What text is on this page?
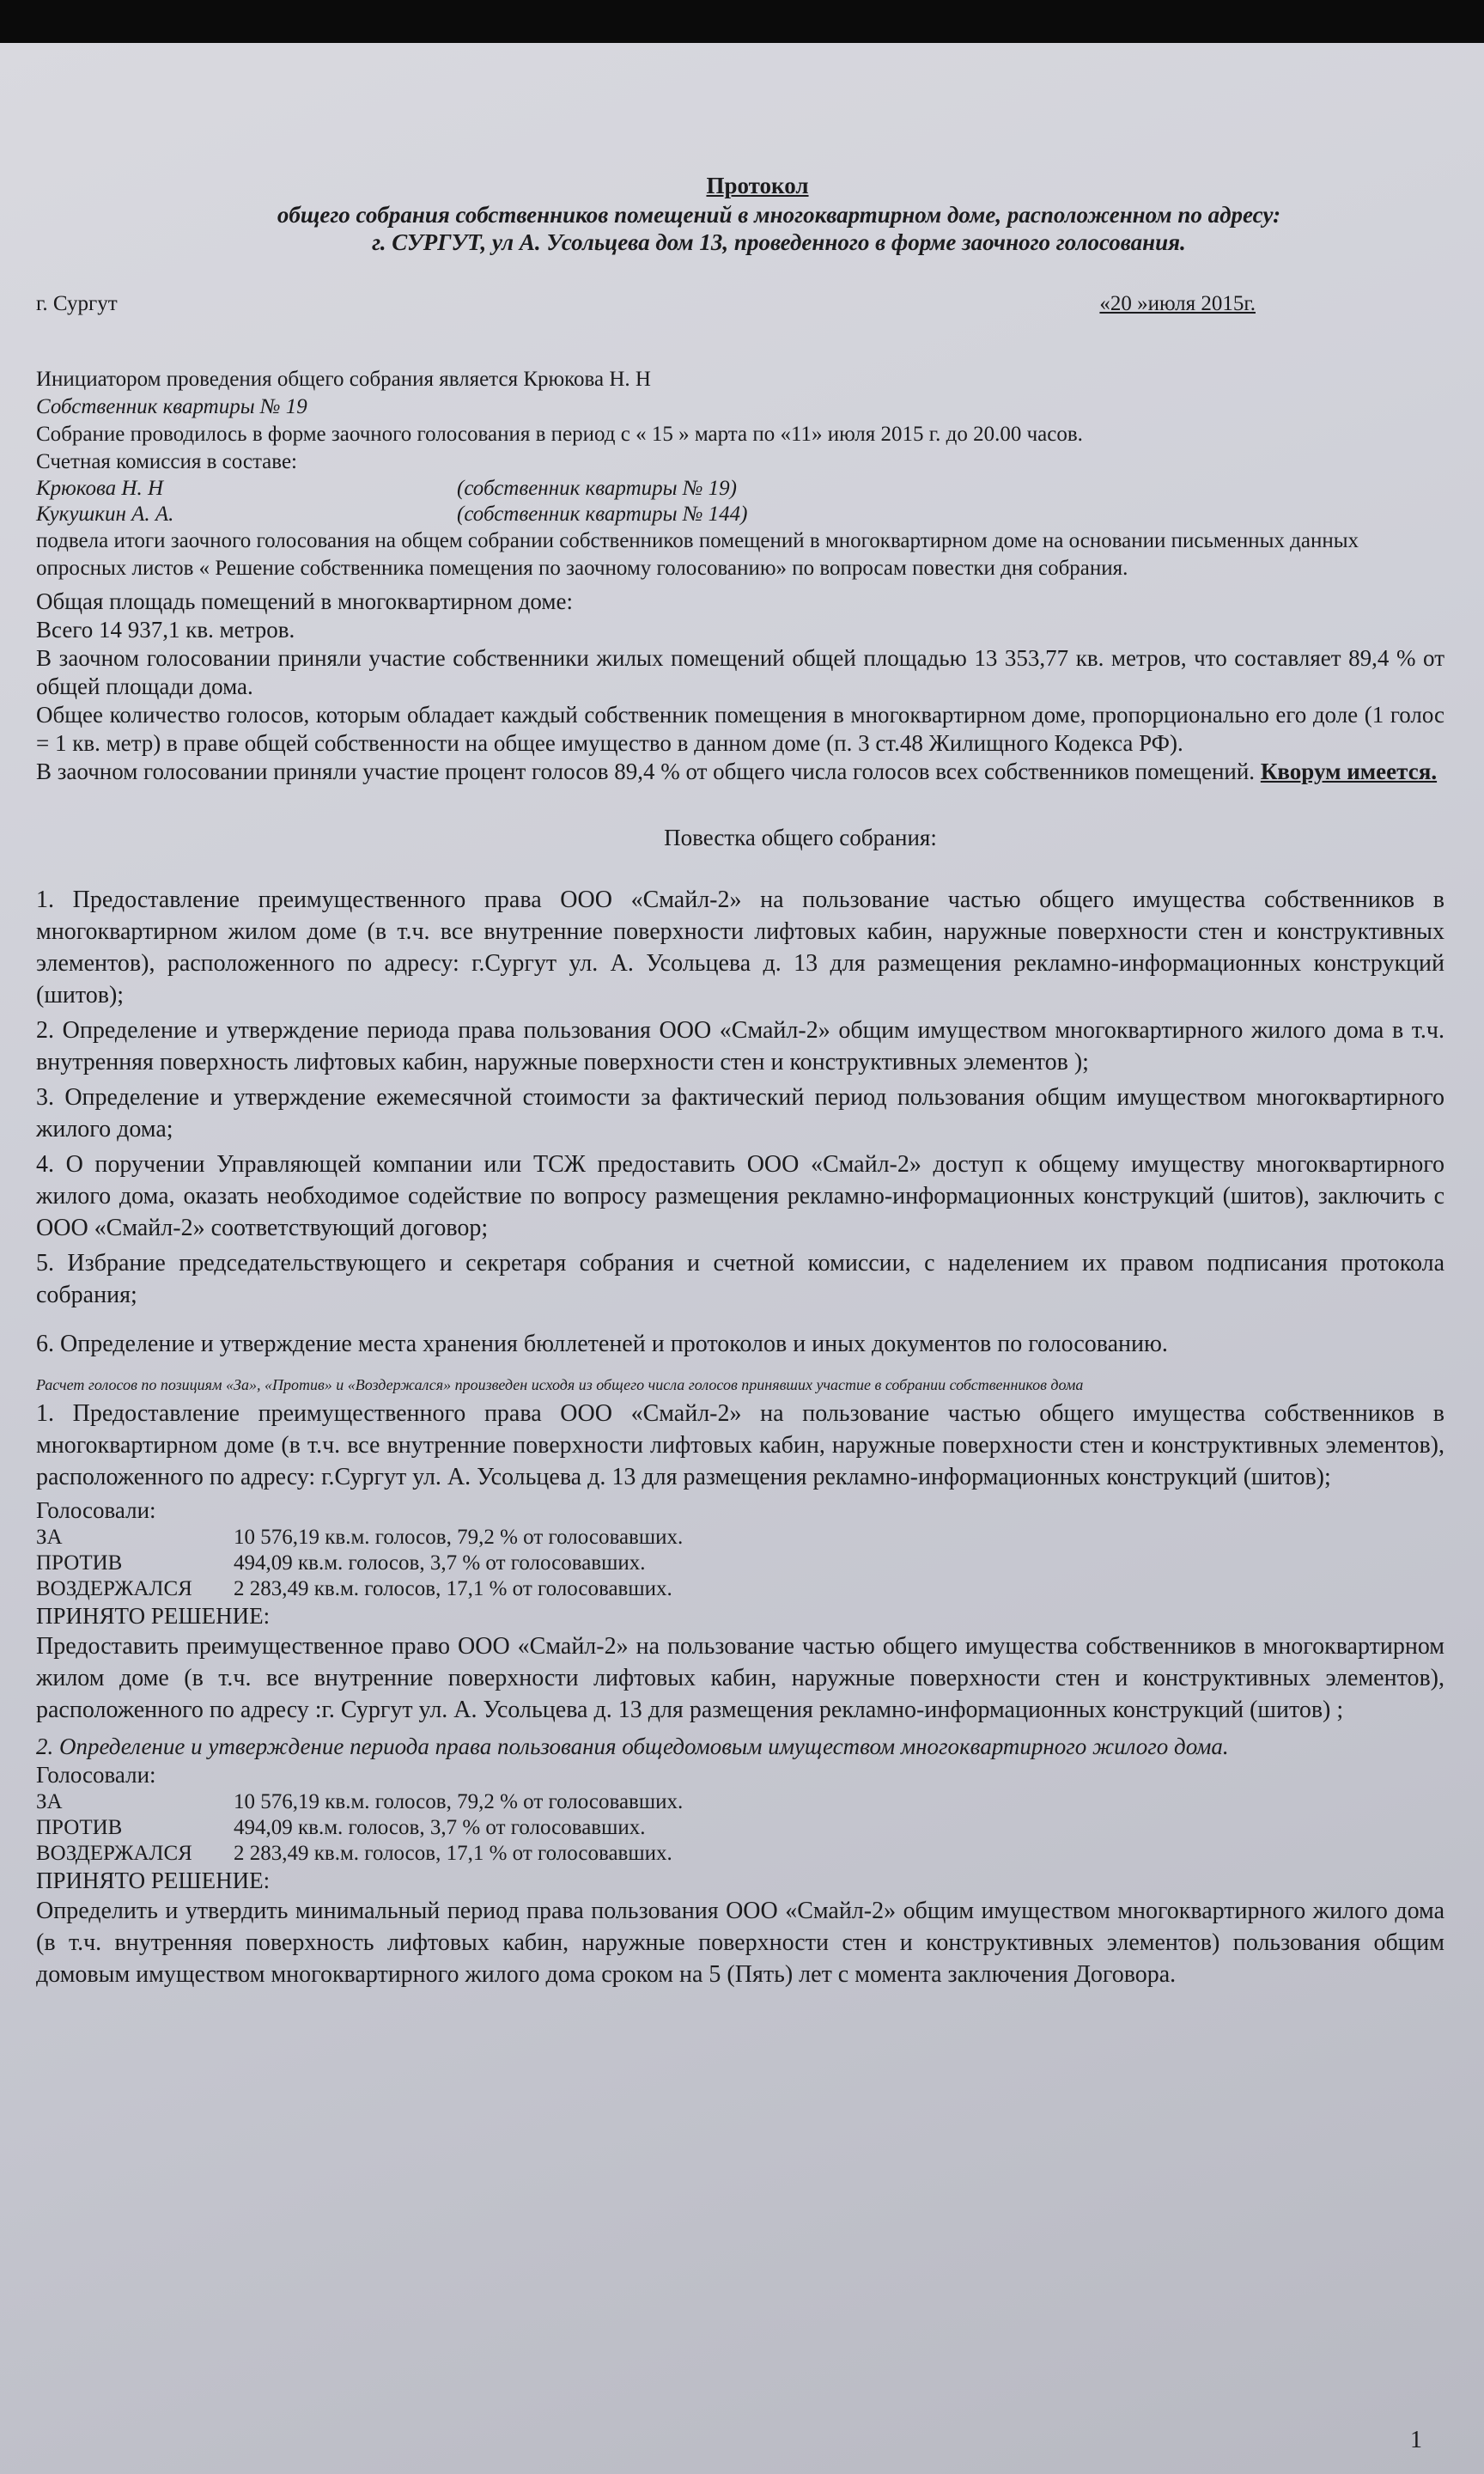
Протокол

общего собрания собственников помещений в многоквартирном доме, расположенном по адресу:

г. СУРГУТ, ул А. Усольцева дом 13, проведенного в форме заочного голосования.

г. Сургут	«20 »июля 2015г.

Инициатором проведения общего собрания является Крюкова Н. Н

Собственник квартиры № 19

Собрание проводилось в форме заочного голосования в период с « 15 » марта по «11» июля 2015 г. до 20.00 часов.

Счетная комиссия в составе:

Крюкова Н. Н	(собственник квартиры № 19)
Кукушкин А. А.	(собственник квартиры № 144)

подвела итоги заочного голосования на общем собрании собственников помещений в многоквартирном доме на основании письменных данных опросных листов « Решение собственника помещения по заочному голосованию» по вопросам повестки дня собрания.

Общая площадь помещений в многоквартирном доме:

Всего 14 937,1 кв. метров.

В заочном голосовании приняли участие собственники жилых помещений общей площадью 13 353,77 кв. метров, что составляет 89,4 % от общей площади дома.

Общее количество голосов, которым обладает каждый собственник помещения в многоквартирном доме, пропорционально его доле (1 голос = 1 кв. метр) в праве общей собственности на общее имущество в данном доме (п. 3 ст.48 Жилищного Кодекса РФ).

В заочном голосовании приняли участие процент голосов 89,4 % от общего числа голосов всех собственников помещений. Кворум имеется.

Повестка общего собрания:

1. Предоставление преимущественного права ООО «Смайл-2» на пользование частью общего имущества собственников в многоквартирном жилом доме (в т.ч. все внутренние поверхности лифтовых кабин, наружные поверхности стен и конструктивных элементов), расположенного по адресу: г.Сургут ул. А. Усольцева д. 13 для размещения рекламно-информационных конструкций (шитов);

2. Определение и утверждение периода права пользования ООО «Смайл-2» общим имуществом многоквартирного жилого дома в т.ч. внутренняя поверхность лифтовых кабин, наружные поверхности стен и конструктивных элементов );

3. Определение и утверждение ежемесячной стоимости за фактический период пользования общим имуществом многоквартирного жилого дома;

4. О поручении Управляющей компании или ТСЖ предоставить ООО «Смайл-2» доступ к общему имуществу многоквартирного жилого дома, оказать необходимое содействие по вопросу размещения рекламно-информационных конструкций (шитов), заключить с ООО «Смайл-2» соответствующий договор;

5. Избрание председательствующего и секретаря собрания и счетной комиссии, с наделением их правом подписания протокола собрания;

6. Определение и утверждение места хранения бюллетеней и протоколов и иных документов по голосованию.

Расчет голосов по позициям «За», «Против» и «Воздержался» произведен исходя из общего числа голосов принявших участие в собрании собственников дома

1. Предоставление преимущественного права ООО «Смайл-2» на пользование частью общего имущества собственников в многоквартирном доме (в т.ч. все внутренние поверхности лифтовых кабин, наружные поверхности стен и конструктивных элементов), расположенного по адресу: г.Сургут ул. А. Усольцева д. 13 для размещения рекламно-информационных конструкций (шитов);

Голосовали:

ЗА	10 576,19 кв.м. голосов, 79,2 % от голосовавших.
ПРОТИВ	494,09 кв.м. голосов, 3,7 % от голосовавших.
ВОЗДЕРЖАЛСЯ	2 283,49 кв.м. голосов, 17,1 % от голосовавших.

ПРИНЯТО РЕШЕНИЕ:

Предоставить преимущественное право ООО «Смайл-2» на пользование частью общего имущества собственников в многоквартирном жилом доме (в т.ч. все внутренние поверхности лифтовых кабин, наружные поверхности стен и конструктивных элементов), расположенного по адресу :г. Сургут ул. А. Усольцева д. 13 для размещения рекламно-информационных конструкций (шитов) ;

2. Определение и утверждение периода права пользования общедомовым имуществом многоквартирного жилого дома.

Голосовали:

ЗА	10 576,19 кв.м. голосов, 79,2 % от голосовавших.
ПРОТИВ	494,09 кв.м. голосов, 3,7 % от голосовавших.
ВОЗДЕРЖАЛСЯ	2 283,49 кв.м. голосов, 17,1 % от голосовавших.

ПРИНЯТО РЕШЕНИЕ:

Определить и утвердить минимальный период права пользования ООО «Смайл-2» общим имуществом многоквартирного жилого дома (в т.ч. внутренняя поверхность лифтовых кабин, наружные поверхности стен и конструктивных элементов) пользования общим домовым имуществом многоквартирного жилого дома сроком на 5 (Пять) лет с момента заключения Договора.

1
